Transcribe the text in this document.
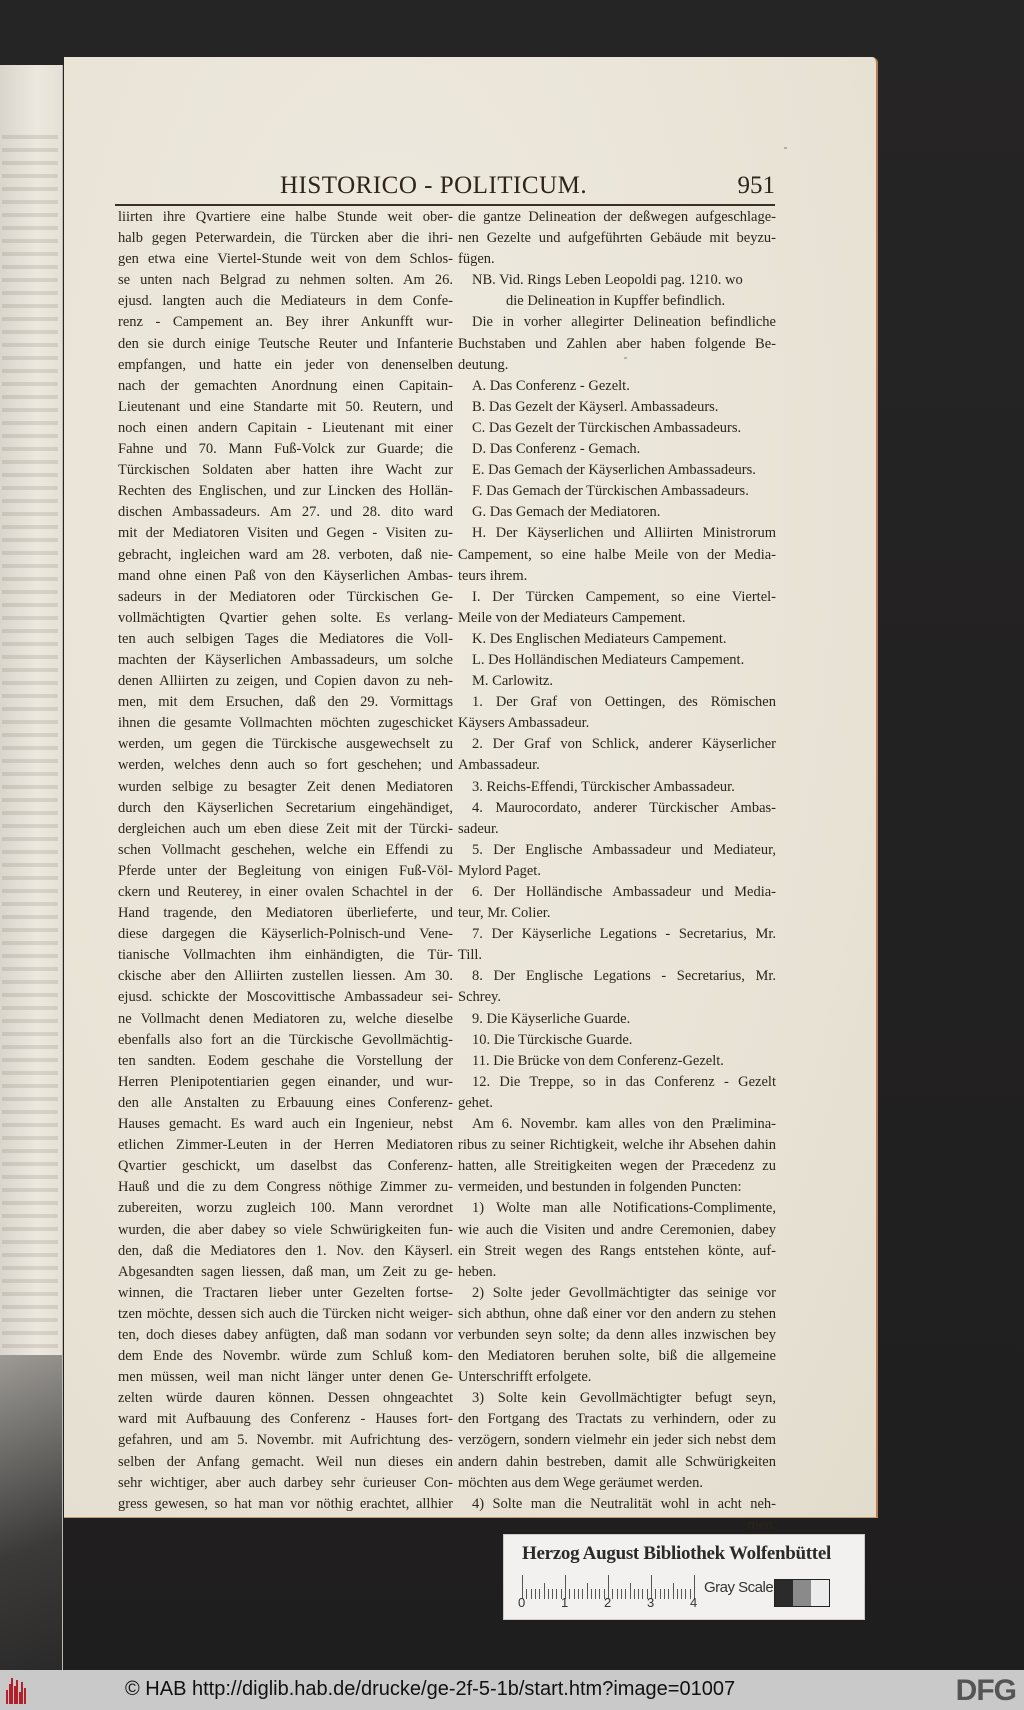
HISTORICO - POLITICUM.	951
liirten ihre Qvartiere eine halbe Stunde weit ober-
halb gegen Peterwardein, die Türcken aber die ihri-
gen etwa eine Viertel-Stunde weit von dem Schlos-
se unten nach Belgrad zu nehmen solten. Am 26.
ejusd. langten auch die Mediateurs in dem Confe-
renz - Campement an. Bey ihrer Ankunfft wur-
den sie durch einige Teutsche Reuter und Infanterie
empfangen, und hatte ein jeder von denenselben
nach der gemachten Anordnung einen Capitain-
Lieutenant und eine Standarte mit 50. Reutern, und
noch einen andern Capitain - Lieutenant mit einer
Fahne und 70. Mann Fuß-Volck zur Guarde; die
Türckischen Soldaten aber hatten ihre Wacht zur
Rechten des Englischen, und zur Lincken des Hollän-
dischen Ambassadeurs. Am 27. und 28. dito ward
mit der Mediatoren Visiten und Gegen - Visiten zu-
gebracht, ingleichen ward am 28. verboten, daß nie-
mand ohne einen Paß von den Käyserlichen Ambas-
sadeurs in der Mediatoren oder Türckischen Ge-
vollmächtigten Qvartier gehen solte. Es verlang-
ten auch selbigen Tages die Mediatores die Voll-
machten der Käyserlichen Ambassadeurs, um solche
denen Alliirten zu zeigen, und Copien davon zu neh-
men, mit dem Ersuchen, daß den 29. Vormittags
ihnen die gesamte Vollmachten möchten zugeschicket
werden, um gegen die Türckische ausgewechselt zu
werden, welches denn auch so fort geschehen; und
wurden selbige zu besagter Zeit denen Mediatoren
durch den Käyserlichen Secretarium eingehändiget,
dergleichen auch um eben diese Zeit mit der Türcki-
schen Vollmacht geschehen, welche ein Effendi zu
Pferde unter der Begleitung von einigen Fuß-Völ-
ckern und Reuterey, in einer ovalen Schachtel in der
Hand tragende, den Mediatoren überlieferte, und
diese dargegen die Käyserlich-Polnisch-und Vene-
tianische Vollmachten ihm einhändigten, die Tür-
ckische aber den Alliirten zustellen liessen. Am 30.
ejusd. schickte der Moscovittische Ambassadeur sei-
ne Vollmacht denen Mediatoren zu, welche dieselbe
ebenfalls also fort an die Türckische Gevollmächtig-
ten sandten. Eodem geschahe die Vorstellung der
Herren Plenipotentiarien gegen einander, und wur-
den alle Anstalten zu Erbauung eines Conferenz-
Hauses gemacht. Es ward auch ein Ingenieur, nebst
etlichen Zimmer-Leuten in der Herren Mediatoren
Qvartier geschickt, um daselbst das Conferenz-
Hauß und die zu dem Congress nöthige Zimmer zu-
zubereiten, worzu zugleich 100. Mann verordnet
wurden, die aber dabey so viele Schwürigkeiten fun-
den, daß die Mediatores den 1. Nov. den Käyserl.
Abgesandten sagen liessen, daß man, um Zeit zu ge-
winnen, die Tractaren lieber unter Gezelten fortse-
tzen möchte, dessen sich auch die Türcken nicht weiger-
ten, doch dieses dabey anfügten, daß man sodann vor
dem Ende des Novembr. würde zum Schluß kom-
men müssen, weil man nicht länger unter denen Ge-
zelten würde dauren können. Dessen ohngeachtet
ward mit Aufbauung des Conferenz - Hauses fort-
gefahren, und am 5. Novembr. mit Aufrichtung des-
selben der Anfang gemacht. Weil nun dieses ein
sehr wichtiger, aber auch darbey sehr curieuser Con-
gress gewesen, so hat man vor nöthig erachtet, allhier
die gantze Delineation der deßwegen aufgeschlage-
nen Gezelte und aufgeführten Gebäude mit beyzu-
fügen.
NB. Vid. Rings Leben Leopoldi pag. 1210. wo
die Delineation in Kupffer befindlich.
Die in vorher allegirter Delineation befindliche
Buchstaben und Zahlen aber haben folgende Be-
deutung.
A. Das Conferenz - Gezelt.
B. Das Gezelt der Käyserl. Ambassadeurs.
C. Das Gezelt der Türckischen Ambassadeurs.
D. Das Conferenz - Gemach.
E. Das Gemach der Käyserlichen Ambassadeurs.
F. Das Gemach der Türckischen Ambassadeurs.
G. Das Gemach der Mediatoren.
H. Der Käyserlichen und Alliirten Ministrorum
Campement, so eine halbe Meile von der Media-
teurs ihrem.
I. Der Türcken Campement, so eine Viertel-
Meile von der Mediateurs Campement.
K. Des Englischen Mediateurs Campement.
L. Des Holländischen Mediateurs Campement.
M. Carlowitz.
1. Der Graf von Oettingen, des Römischen
Käysers Ambassadeur.
2. Der Graf von Schlick, anderer Käyserlicher
Ambassadeur.
3. Reichs-Effendi, Türckischer Ambassadeur.
4. Maurocordato, anderer Türckischer Ambas-
sadeur.
5. Der Englische Ambassadeur und Mediateur,
Mylord Paget.
6. Der Holländische Ambassadeur und Media-
teur, Mr. Colier.
7. Der Käyserliche Legations - Secretarius, Mr.
Till.
8. Der Englische Legations - Secretarius, Mr.
Schrey.
9. Die Käyserliche Guarde.
10. Die Türckische Guarde.
11. Die Brücke von dem Conferenz-Gezelt.
12. Die Treppe, so in das Conferenz - Gezelt
gehet.
Am 6. Novembr. kam alles von den Prælimina-
ribus zu seiner Richtigkeit, welche ihr Absehen dahin
hatten, alle Streitigkeiten wegen der Præcedenz zu
vermeiden, und bestunden in folgenden Puncten:
1) Wolte man alle Notifications-Complimente,
wie auch die Visiten und andre Ceremonien, dabey
ein Streit wegen des Rangs entstehen könte, auf-
heben.
2) Solte jeder Gevollmächtigter das seinige vor
sich abthun, ohne daß einer vor den andern zu stehen
verbunden seyn solte; da denn alles inzwischen bey
den Mediatoren beruhen solte, biß die allgemeine
Unterschrifft erfolgete.
3) Solte kein Gevollmächtigter befugt seyn,
den Fortgang des Tractats zu verhindern, oder zu
verzögern, sondern vielmehr ein jeder sich nebst dem
andern dahin bestreben, damit alle Schwürigkeiten
möchten aus dem Wege geräumet werden.
4) Solte man die Neutralität wohl in acht neh-
men,
Herzog August Bibliothek Wolfenbüttel
0	1	2	3	4
Gray Scale
© HAB http://diglib.hab.de/drucke/ge-2f-5-1b/start.htm?image=01007	DFG
